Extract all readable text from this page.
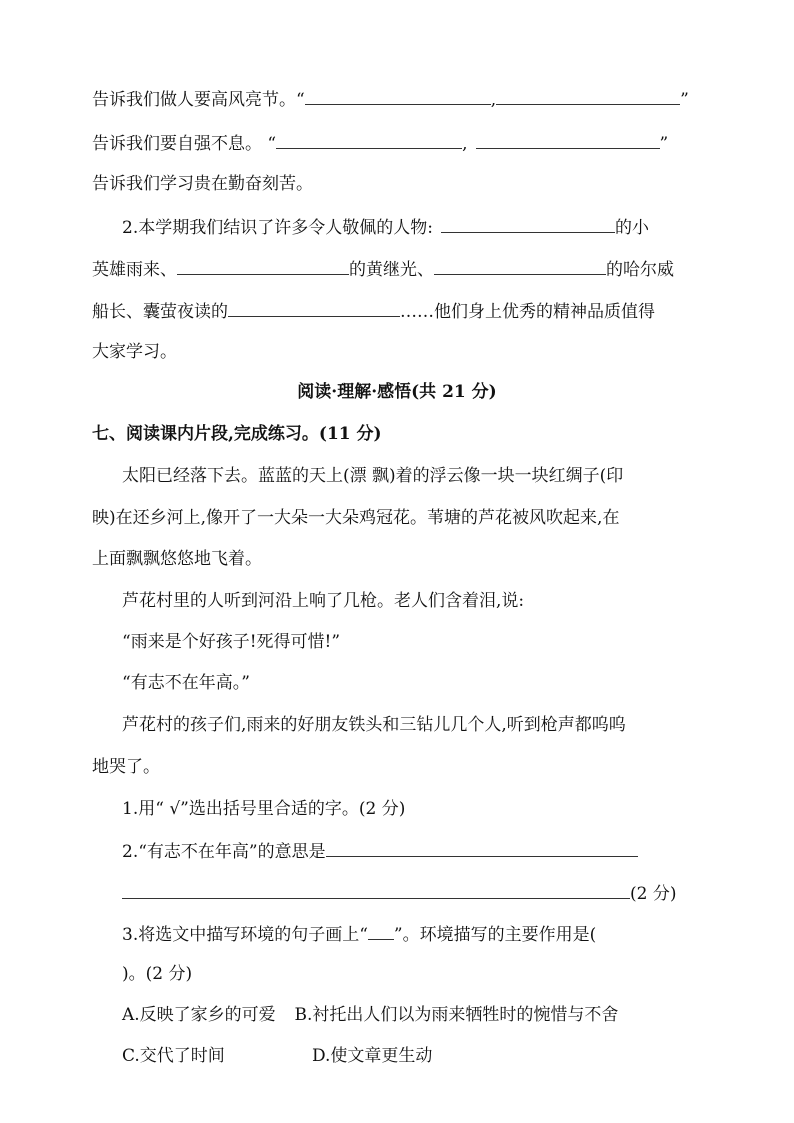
告诉我们做人要高风亮节。“	,	”
告诉我们要自强不息。 “	,	”
告诉我们学习贵在勤奋刻苦。
2.本学期我们结识了许多令人敬佩的人物:	的小
英雄雨来、	的黄继光、	的哈尔威
船长、囊萤夜读的	……他们身上优秀的精神品质值得
大家学习。
阅读·理解·感悟(共 21 分)
七、阅读课内片段,完成练习。(11 分)
太阳已经落下去。蓝蓝的天上(漂 飘)着的浮云像一块一块红绸子(印
映)在还乡河上,像开了一大朵一大朵鸡冠花。苇塘的芦花被风吹起来,在
上面飘飘悠悠地飞着。
芦花村里的人听到河沿上响了几枪。老人们含着泪,说:
“雨来是个好孩子!死得可惜!”
“有志不在年高。”
芦花村的孩子们,雨来的好朋友铁头和三钻儿几个人,听到枪声都呜呜
地哭了。
1.用“ √”选出括号里合适的字。(2 分)
2.“有志不在年高”的意思是
(2 分)
3.将选文中描写环境的句子画上“ ”。环境描写的主要作用是(
)。(2 分)
A.反映了家乡的可爱 B.衬托出人们以为雨来牺牲时的惋惜与不舍
C.交代了时间	D.使文章更生动
